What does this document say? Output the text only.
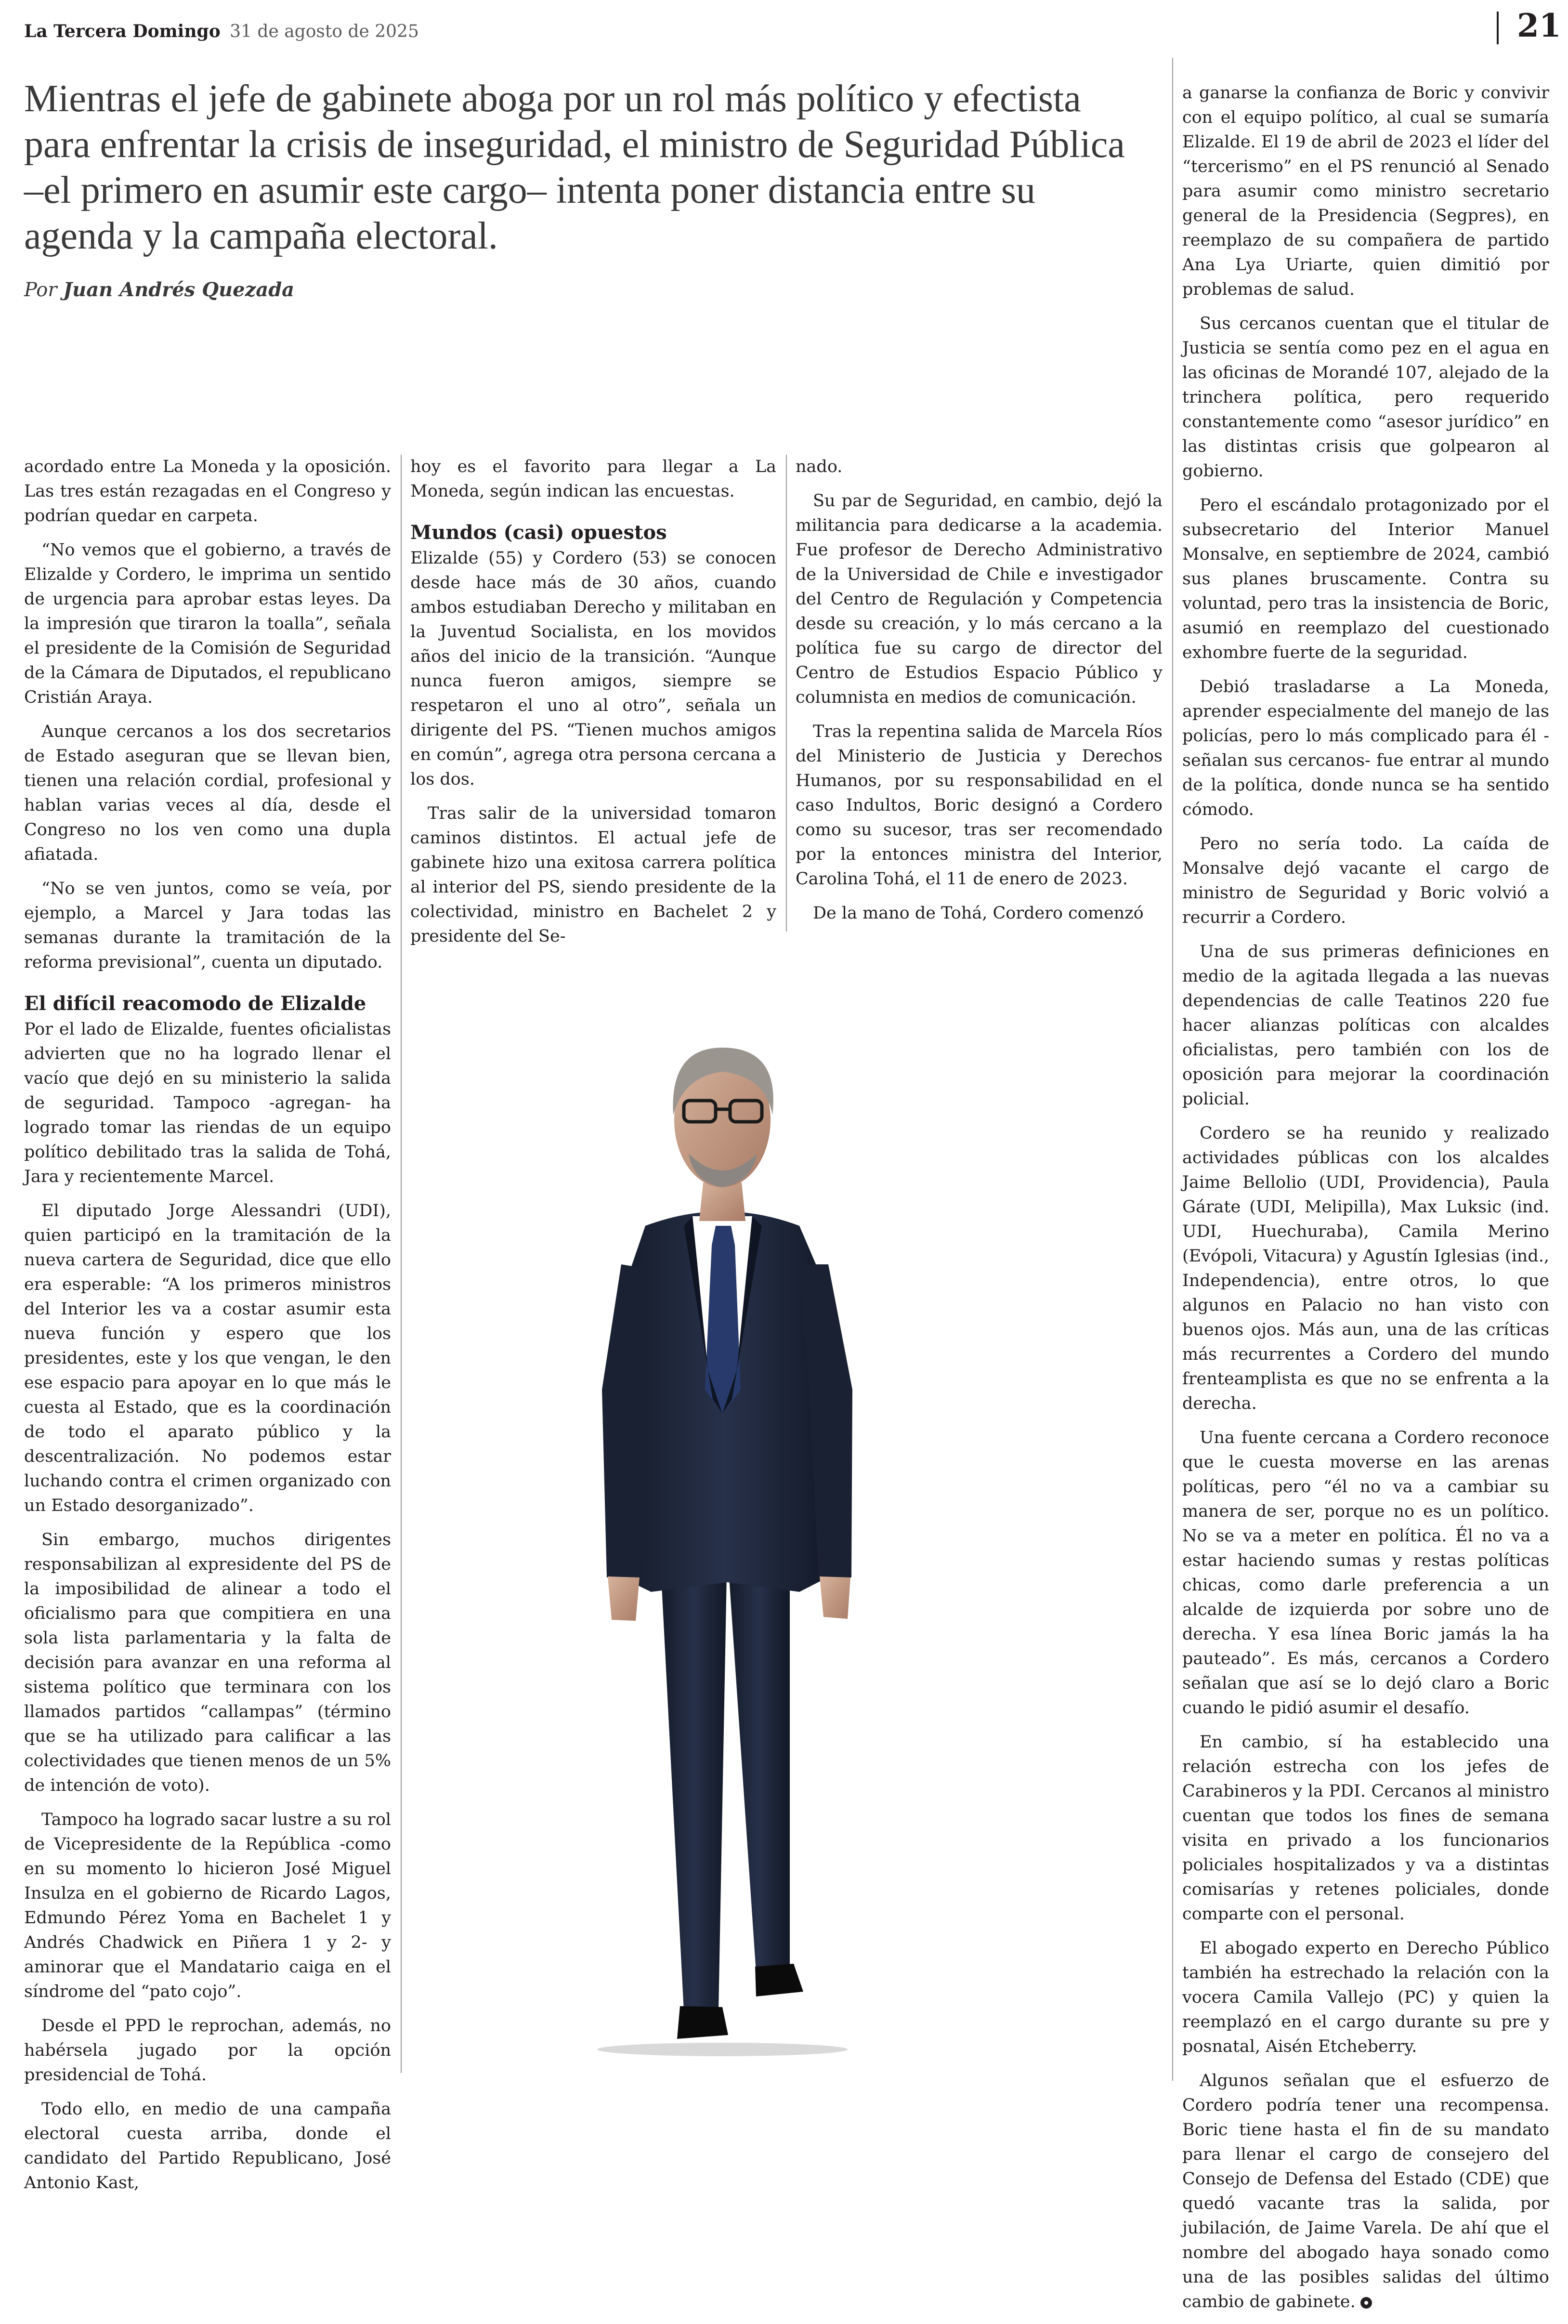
La Tercera Domingo 31 de agosto de 2025	21
Mientras el jefe de gabinete aboga por un rol más político y efectista para enfrentar la crisis de inseguridad, el ministro de Seguridad Pública –el primero en asumir este cargo– intenta poner distancia entre su agenda y la campaña electoral.
Por Juan Andrés Quezada

acordado entre La Moneda y la oposición. Las tres están rezagadas en el Congreso y podrían quedar en carpeta.

“No vemos que el gobierno, a través de Elizalde y Cordero, le imprima un sentido de urgencia para aprobar estas leyes. Da la impresión que tiraron la toalla”, señala el presidente de la Comisión de Seguridad de la Cámara de Diputados, el republicano Cristián Araya.

Aunque cercanos a los dos secretarios de Estado aseguran que se llevan bien, tienen una relación cordial, profesional y hablan varias veces al día, desde el Congreso no los ven como una dupla afiatada.

“No se ven juntos, como se veía, por ejemplo, a Marcel y Jara todas las semanas durante la tramitación de la reforma previsional”, cuenta un diputado.

El difícil reacomodo de Elizalde

Por el lado de Elizalde, fuentes oficialistas advierten que no ha logrado llenar el vacío que dejó en su ministerio la salida de seguridad. Tampoco -agregan- ha logrado tomar las riendas de un equipo político debilitado tras la salida de Tohá, Jara y recientemente Marcel.

El diputado Jorge Alessandri (UDI), quien participó en la tramitación de la nueva cartera de Seguridad, dice que ello era esperable: “A los primeros ministros del Interior les va a costar asumir esta nueva función y espero que los presidentes, este y los que vengan, le den ese espacio para apoyar en lo que más le cuesta al Estado, que es la coordinación de todo el aparato público y la descentralización. No podemos estar luchando contra el crimen organizado con un Estado desorganizado”.

Sin embargo, muchos dirigentes responsabilizan al expresidente del PS de la imposibilidad de alinear a todo el oficialismo para que compitiera en una sola lista parlamentaria y la falta de decisión para avanzar en una reforma al sistema político que terminara con los llamados partidos “callampas” (término que se ha utilizado para calificar a las colectividades que tienen menos de un 5% de intención de voto).

Tampoco ha logrado sacar lustre a su rol de Vicepresidente de la República -como en su momento lo hicieron José Miguel Insulza en el gobierno de Ricardo Lagos, Edmundo Pérez Yoma en Bachelet 1 y Andrés Chadwick en Piñera 1 y 2- y aminorar que el Mandatario caiga en el síndrome del “pato cojo”.

Desde el PPD le reprochan, además, no habérsela jugado por la opción presidencial de Tohá.

Todo ello, en medio de una campaña electoral cuesta arriba, donde el candidato del Partido Republicano, José Antonio Kast,

hoy es el favorito para llegar a La Moneda, según indican las encuestas.

Mundos (casi) opuestos

Elizalde (55) y Cordero (53) se conocen desde hace más de 30 años, cuando ambos estudiaban Derecho y militaban en la Juventud Socialista, en los movidos años del inicio de la transición. “Aunque nunca fueron amigos, siempre se respetaron el uno al otro”, señala un dirigente del PS. “Tienen muchos amigos en común”, agrega otra persona cercana a los dos.

Tras salir de la universidad tomaron caminos distintos. El actual jefe de gabinete hizo una exitosa carrera política al interior del PS, siendo presidente de la colectividad, ministro en Bachelet 2 y presidente del Se-

nado.

Su par de Seguridad, en cambio, dejó la militancia para dedicarse a la academia. Fue profesor de Derecho Administrativo de la Universidad de Chile e investigador del Centro de Regulación y Competencia desde su creación, y lo más cercano a la política fue su cargo de director del Centro de Estudios Espacio Público y columnista en medios de comunicación.

Tras la repentina salida de Marcela Ríos del Ministerio de Justicia y Derechos Humanos, por su responsabilidad en el caso Indultos, Boric designó a Cordero como su sucesor, tras ser recomendado por la entonces ministra del Interior, Carolina Tohá, el 11 de enero de 2023.

De la mano de Tohá, Cordero comenzó

a ganarse la confianza de Boric y convivir con el equipo político, al cual se sumaría Elizalde. El 19 de abril de 2023 el líder del “tercerismo” en el PS renunció al Senado para asumir como ministro secretario general de la Presidencia (Segpres), en reemplazo de su compañera de partido Ana Lya Uriarte, quien dimitió por problemas de salud.

Sus cercanos cuentan que el titular de Justicia se sentía como pez en el agua en las oficinas de Morandé 107, alejado de la trinchera política, pero requerido constantemente como “asesor jurídico” en las distintas crisis que golpearon al gobierno.

Pero el escándalo protagonizado por el subsecretario del Interior Manuel Monsalve, en septiembre de 2024, cambió sus planes bruscamente. Contra su voluntad, pero tras la insistencia de Boric, asumió en reemplazo del cuestionado exhombre fuerte de la seguridad.

Debió trasladarse a La Moneda, aprender especialmente del manejo de las policías, pero lo más complicado para él -señalan sus cercanos- fue entrar al mundo de la política, donde nunca se ha sentido cómodo.

Pero no sería todo. La caída de Monsalve dejó vacante el cargo de ministro de Seguridad y Boric volvió a recurrir a Cordero.

Una de sus primeras definiciones en medio de la agitada llegada a las nuevas dependencias de calle Teatinos 220 fue hacer alianzas políticas con alcaldes oficialistas, pero también con los de oposición para mejorar la coordinación policial.

Cordero se ha reunido y realizado actividades públicas con los alcaldes Jaime Bellolio (UDI, Providencia), Paula Gárate (UDI, Melipilla), Max Luksic (ind. UDI, Huechuraba), Camila Merino (Evópoli, Vitacura) y Agustín Iglesias (ind., Independencia), entre otros, lo que algunos en Palacio no han visto con buenos ojos. Más aun, una de las críticas más recurrentes a Cordero del mundo frenteamplista es que no se enfrenta a la derecha.

Una fuente cercana a Cordero reconoce que le cuesta moverse en las arenas políticas, pero “él no va a cambiar su manera de ser, porque no es un político. No se va a meter en política. Él no va a estar haciendo sumas y restas políticas chicas, como darle preferencia a un alcalde de izquierda por sobre uno de derecha. Y esa línea Boric jamás la ha pauteado”. Es más, cercanos a Cordero señalan que así se lo dejó claro a Boric cuando le pidió asumir el desafío.

En cambio, sí ha establecido una relación estrecha con los jefes de Carabineros y la PDI. Cercanos al ministro cuentan que todos los fines de semana visita en privado a los funcionarios policiales hospitalizados y va a distintas comisarías y retenes policiales, donde comparte con el personal.

El abogado experto en Derecho Público también ha estrechado la relación con la vocera Camila Vallejo (PC) y quien la reemplazó en el cargo durante su pre y posnatal, Aisén Etcheberry.

Algunos señalan que el esfuerzo de Cordero podría tener una recompensa. Boric tiene hasta el fin de su mandato para llenar el cargo de consejero del Consejo de Defensa del Estado (CDE) que quedó vacante tras la salida, por jubilación, de Jaime Varela. De ahí que el nombre del abogado haya sonado como una de las posibles salidas del último cambio de gabinete.
